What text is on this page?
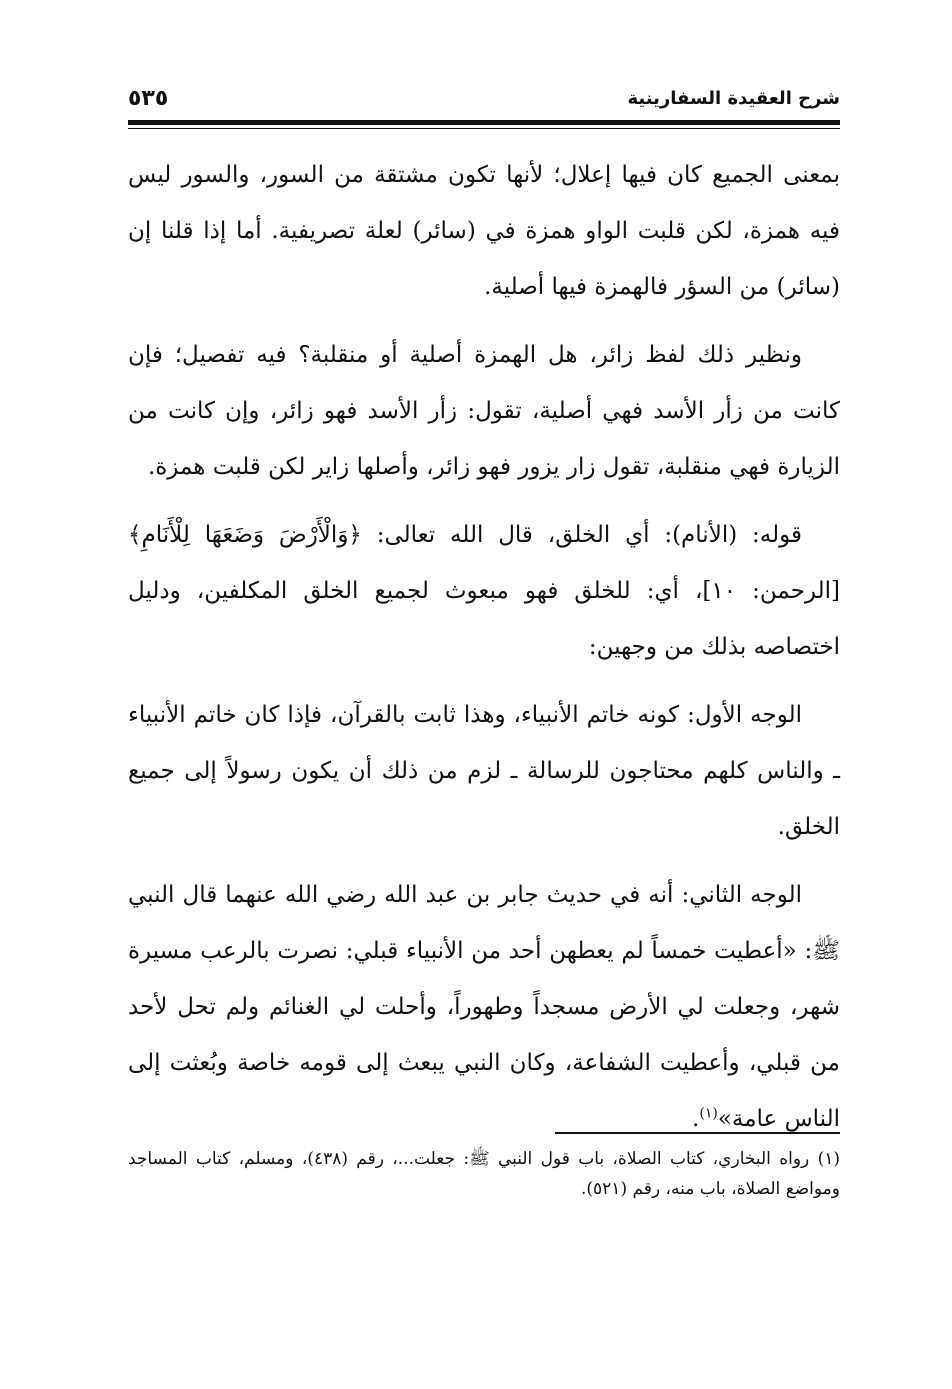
شرح العقيدة السفارينية
٥٣٥

بمعنى الجميع كان فيها إعلال؛ لأنها تكون مشتقة من السور، والسور ليس فيه همزة، لكن قلبت الواو همزة في (سائر) لعلة تصريفية. أما إذا قلنا إن (سائر) من السؤر فالهمزة فيها أصلية.

ونظير ذلك لفظ زائر، هل الهمزة أصلية أو منقلبة؟ فيه تفصيل؛ فإن كانت من زأر الأسد فهي أصلية، تقول: زأر الأسد فهو زائر، وإن كانت من الزيارة فهي منقلبة، تقول زار يزور فهو زائر، وأصلها زاير لكن قلبت همزة.

قوله: (الأنام): أي الخلق، قال الله تعالى: ﴿وَالْأَرْضَ وَضَعَهَا لِلْأَنَامِ﴾ [الرحمن: ١٠]، أي: للخلق فهو مبعوث لجميع الخلق المكلفين، ودليل اختصاصه بذلك من وجهين:

الوجه الأول: كونه خاتم الأنبياء، وهذا ثابت بالقرآن، فإذا كان خاتم الأنبياء ـ والناس كلهم محتاجون للرسالة ـ لزم من ذلك أن يكون رسولاً إلى جميع الخلق.

الوجه الثاني: أنه في حديث جابر بن عبد الله رضي الله عنهما قال النبي ﷺ: «أعطيت خمساً لم يعطهن أحد من الأنبياء قبلي: نصرت بالرعب مسيرة شهر، وجعلت لي الأرض مسجداً وطهوراً، وأحلت لي الغنائم ولم تحل لأحد من قبلي، وأعطيت الشفاعة، وكان النبي يبعث إلى قومه خاصة وبُعثت إلى الناس عامة»$^{(١)}$.

(١) رواه البخاري، كتاب الصلاة، باب قول النبي ﷺ: جعلت...، رقم (٤٣٨)، ومسلم، كتاب المساجد ومواضع الصلاة، باب منه، رقم (٥٢١).
